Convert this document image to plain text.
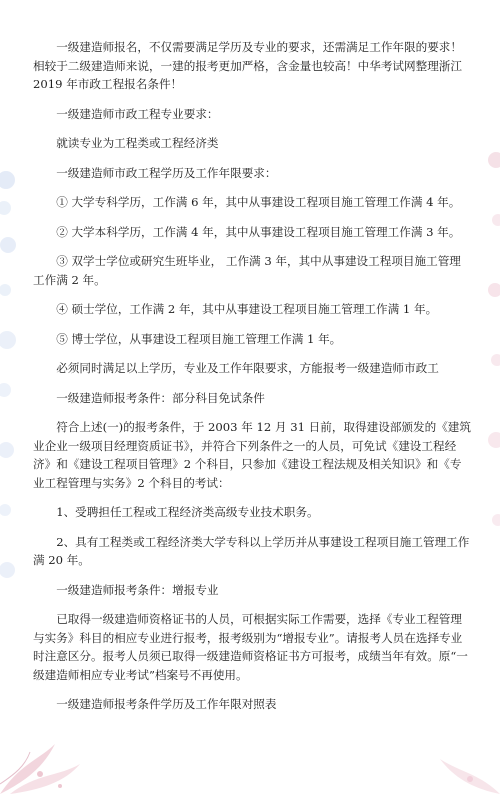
一级建造师报名，不仅需要满足学历及专业的要求，还需满足工作年限的要求！相较于二级建造师来说，一建的报考更加严格，含金量也较高！中华考试网整理浙江 2019 年市政工程报名条件！

一级建造师市政工程专业要求：

就读专业为工程类或工程经济类

一级建造师市政工程学历及工作年限要求：

① 大学专科学历，工作满 6 年，其中从事建设工程项目施工管理工作满 4 年。

② 大学本科学历，工作满 4 年，其中从事建设工程项目施工管理工作满 3 年。

③ 双学士学位或研究生班毕业， 工作满 3 年，其中从事建设工程项目施工管理工作满 2 年。

④ 硕士学位，工作满 2 年，其中从事建设工程项目施工管理工作满 1 年。

⑤ 博士学位，从事建设工程项目施工管理工作满 1 年。

必须同时满足以上学历，专业及工作年限要求，方能报考一级建造师市政工

一级建造师报考条件：部分科目免试条件

符合上述(一)的报考条件，于 2003 年 12 月 31 日前，取得建设部颁发的《建筑业企业一级项目经理资质证书》，并符合下列条件之一的人员，可免试《建设工程经济》和《建设工程项目管理》2 个科目，只参加《建设工程法规及相关知识》和《专业工程管理与实务》2 个科目的考试：

1、受聘担任工程或工程经济类高级专业技术职务。

2、具有工程类或工程经济类大学专科以上学历并从事建设工程项目施工管理工作满 20 年。

一级建造师报考条件：增报专业

已取得一级建造师资格证书的人员，可根据实际工作需要，选择《专业工程管理与实务》科目的相应专业进行报考，报考级别为“增报专业”。请报考人员在选择专业时注意区分。报考人员须已取得一级建造师资格证书方可报考，成绩当年有效。原“一级建造师相应专业考试”档案号不再使用。

一级建造师报考条件学历及工作年限对照表
